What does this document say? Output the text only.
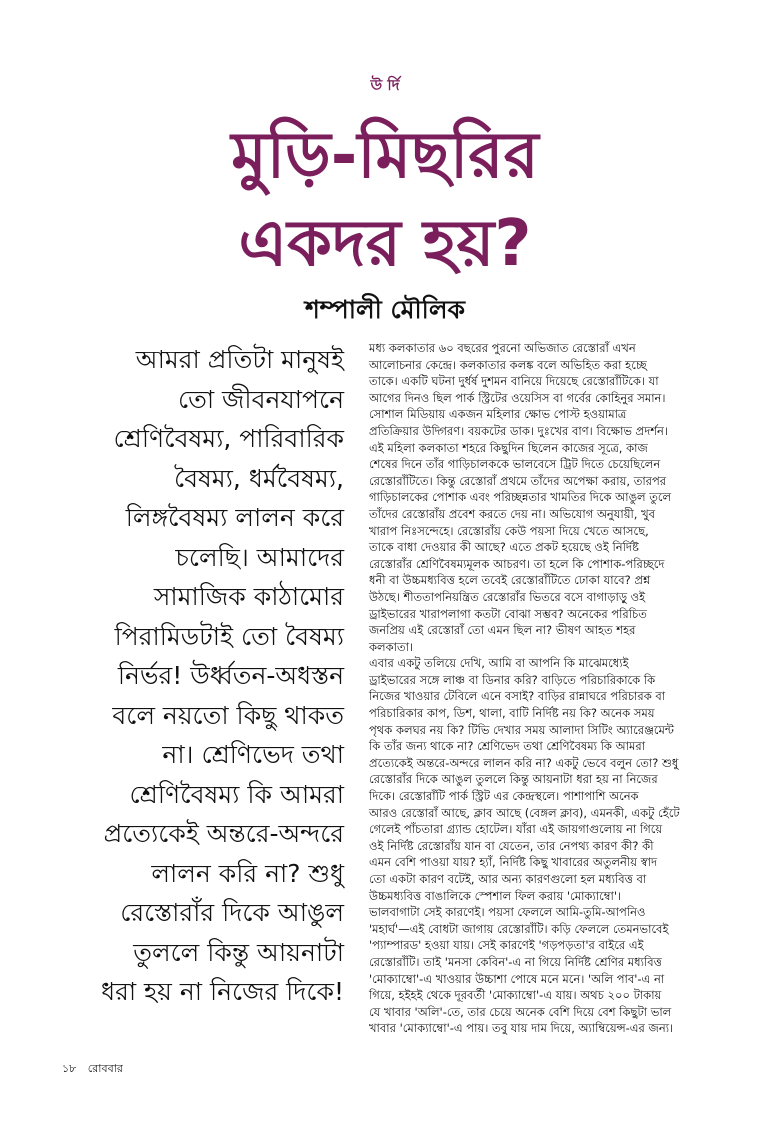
উ র্দি
মুড়ি-মিছরির
একদর হয়?
শম্পালী মৌলিক
আমরা প্রতিটা মানুষই
তো জীবনযাপনে
শ্রেণিবৈষম্য, পারিবারিক
বৈষম্য, ধর্মবৈষম্য,
লিঙ্গবৈষম্য লালন করে
চলেছি। আমাদের
সামাজিক কাঠামোর
পিরামিডটাই তো বৈষম্য
নির্ভর! উর্ধ্বতন-অধস্তন
বলে নয়তো কিছু থাকত
না। শ্রেণিভেদ তথা
শ্রেণিবৈষম্য কি আমরা
প্রত্যেকেই অন্তরে-অন্দরে
লালন করি না? শুধু
রেস্তোরাঁর দিকে আঙুল
তুললে কিন্তু আয়নাটা
ধরা হয় না নিজের দিকে!
মধ্য কলকাতার ৬০ বছরের পুরনো অভিজাত রেস্তোরাঁ এখন
আলোচনার কেন্দ্রে। কলকাতার কলঙ্ক বলে অভিহিত করা হচ্ছে
তাকে। একটি ঘটনা দুর্ধর্ষ দুশমন বানিয়ে দিয়েছে রেস্তোরাঁটিকে। যা
আগের দিনও ছিল পার্ক স্ট্রিটের ওয়েসিস বা গর্বের কোহিনুর সমান।
সোশাল মিডিয়ায় একজন মহিলার ক্ষোভ পোস্ট হওয়ামাত্র
প্রতিক্রিয়ার উদ্গিরণ। বয়কটের ডাক। দুঃখের বাণ। বিক্ষোভ প্রদর্শন।
এই মহিলা কলকাতা শহরে কিছুদিন ছিলেন কাজের সূত্রে, কাজ
শেষের দিনে তাঁর গাড়িচালককে ভালবেসে ট্রিট দিতে চেয়েছিলেন
রেস্তোরাঁটিতে। কিন্তু রেস্তোরাঁ প্রথমে তাঁদের অপেক্ষা করায়, তারপর
গাড়িচালকের পোশাক এবং পরিচ্ছন্নতার খামতির দিকে আঙুল তুলে
তাঁদের রেস্তোরাঁয় প্রবেশ করতে দেয় না। অভিযোগ অনুযায়ী, খুব
খারাপ নিঃসন্দেহে। রেস্তোরাঁয় কেউ পয়সা দিয়ে খেতে আসছে,
তাকে বাধা দেওয়ার কী আছে? এতে প্রকট হয়েছে ওই নির্দিষ্ট
রেস্তোরাঁর শ্রেণিবৈষম্যমূলক আচরণ। তা হলে কি পোশাক-পরিচ্ছদে
ধনী বা উচ্চমধ্যবিত্ত হলে তবেই রেস্তোরাঁটিতে ঢোকা যাবে? প্রশ্ন
উঠছে। শীততাপনিয়ন্ত্রিত রেস্তোরাঁর ভিতরে বসে বাগাড়াড়ু ওই
ড্রাইভারের খারাপলাগা কতটা বোঝা সম্ভব? অনেকের পরিচিত
জনপ্রিয় এই রেস্তোরাঁ তো এমন ছিল না? ভীষণ আহত শহর
কলকাতা।
এবার একটু তলিয়ে দেখি, আমি বা আপনি কি মাঝেমধ্যেই
ড্রাইভারের সঙ্গে লাঞ্চ বা ডিনার করি? বাড়িতে পরিচারিকাকে কি
নিজের খাওয়ার টেবিলে এনে বসাই? বাড়ির রান্নাঘরে পরিচারক বা
পরিচারিকার কাপ, ডিশ, থালা, বাটি নির্দিষ্ট নয় কি? অনেক সময়
পৃথক কলঘর নয় কি? টিভি দেখার সময় আলাদা সিটিং অ্যারেঞ্জমেন্ট
কি তাঁর জন্য থাকে না? শ্রেণিভেদ তথা শ্রেণিবৈষম্য কি আমরা
প্রত্যেকেই অন্তরে-অন্দরে লালন করি না? একটু ভেবে বলুন তো? শুধু
রেস্তোরাঁর দিকে আঙুল তুললে কিন্তু আয়নাটা ধরা হয় না নিজের
দিকে। রেস্তোরাঁটি পার্ক স্ট্রিট এর কেন্দ্রস্থলে। পাশাপাশি অনেক
আরও রেস্তোরাঁ আছে, ক্লাব আছে (বেঙ্গল ক্লাব), এমনকী, একটু হেঁটে
গেলেই পাঁচতারা গ্র্যান্ড হোটেল। যাঁরা এই জায়গাগুলোয় না গিয়ে
ওই নির্দিষ্ট রেস্তোরাঁয় যান বা যেতেন, তার নেপথ্য কারণ কী? কী
এমন বেশি পাওয়া যায়? হ্যাঁ, নির্দিষ্ট কিছু খাবারের অতুলনীয় স্বাদ
তো একটা কারণ বটেই, আর অন্য কারণগুলো হল মধ্যবিত্ত বা
উচ্চমধ্যবিত্ত বাঙালিকে স্পেশাল ফিল করায় 'মোক্যাম্বো'।
ভালবাগাটা সেই কারণেই। পয়সা ফেললে আমি-তুমি-আপনিও
'মহার্ঘ'—এই বোধটা জাগায় রেস্তোরাঁটি। কড়ি ফেললে তেমনভাবেই
'প্যাম্পারড' হওয়া যায়। সেই কারণেই 'গড়পড়তা'র বাইরে এই
রেস্তোরাঁটি। তাই 'মনসা কেবিন'-এ না গিয়ে নির্দিষ্ট শ্রেণির মধ্যবিত্ত
'মোক্যাম্বো'-এ খাওয়ার উচ্চাশা পোষে মনে মনে। 'অলি পাব'-এ না
গিয়ে, হইহই থেকে দূরবর্তী 'মোক্যাম্বো'-এ যায়। অথচ ২০০ টাকায়
যে খাবার 'অলি'-তে, তার চেয়ে অনেক বেশি দিয়ে বেশ কিছুটা ভাল
খাবার 'মোক্যাম্বো'-এ পায়। তবু যায় দাম দিয়ে, অ্যাম্বিয়েন্স-এর জন্য।
১৮ রোববার
